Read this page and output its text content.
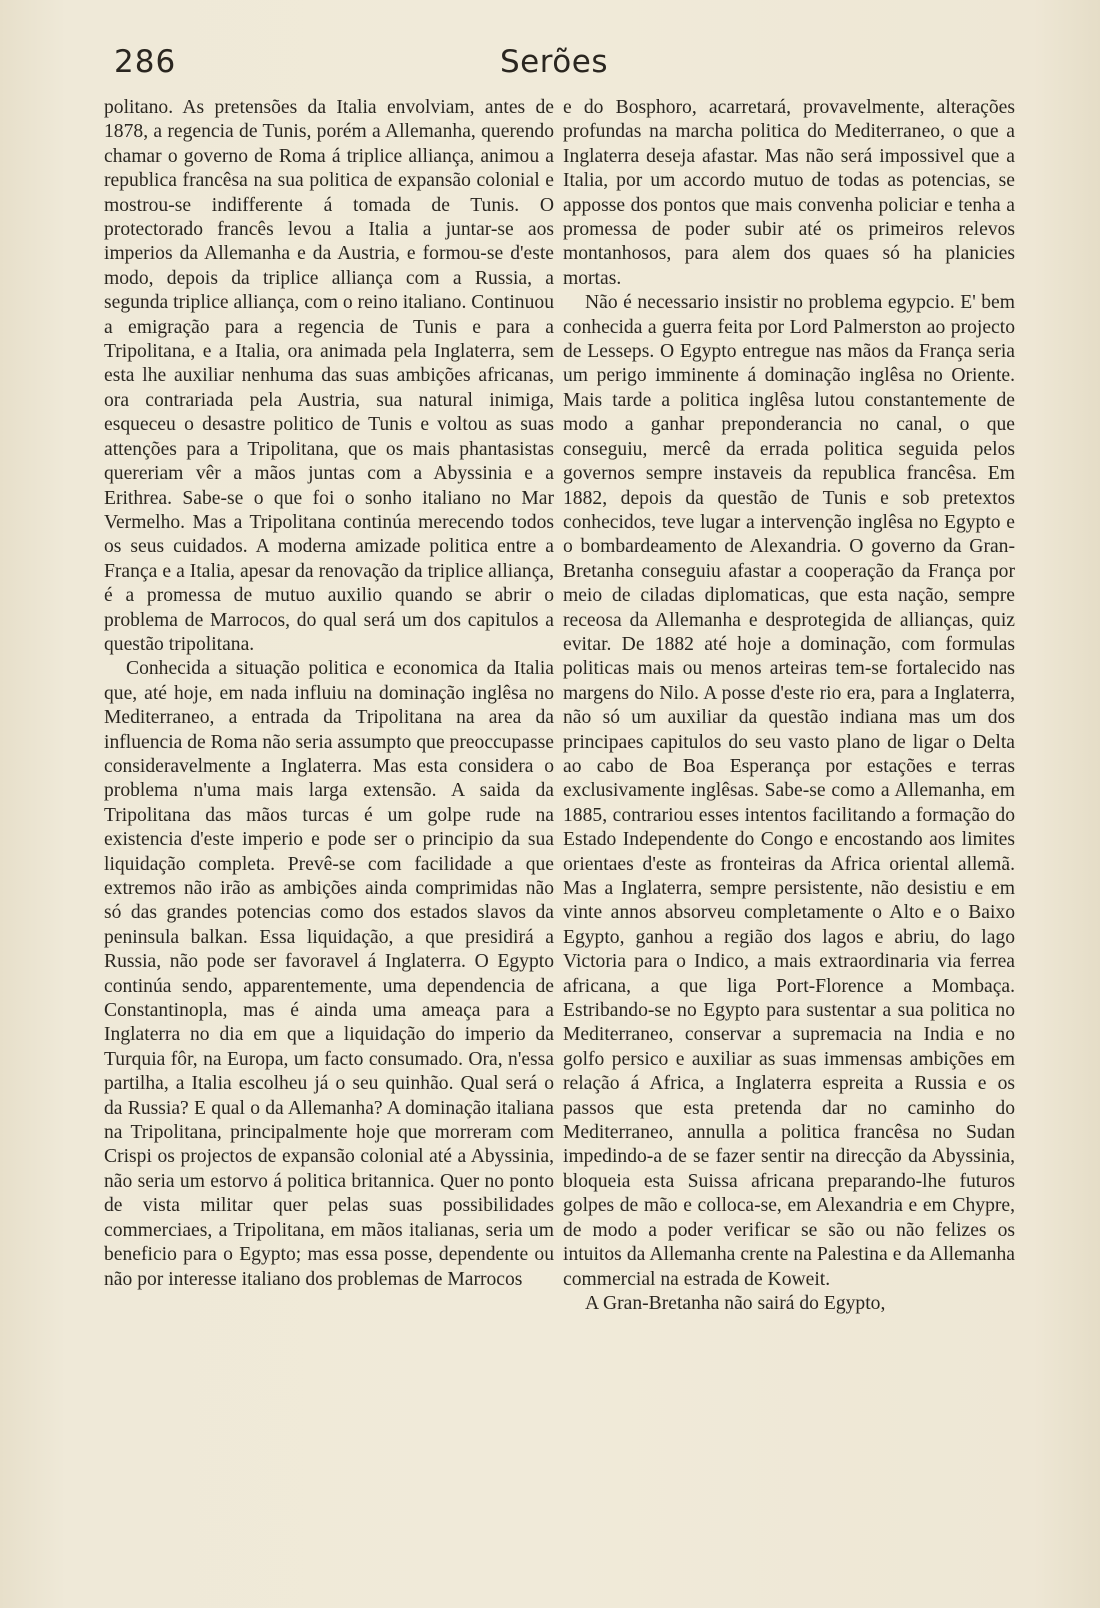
286	Serões

politano. As pretensões da Italia envolviam, antes de 1878, a regencia de Tunis, porém a Allemanha, querendo chamar o governo de Roma á triplice alliança, animou a republica francêsa na sua politica de expansão colonial e mostrou-se indifferente á tomada de Tunis. O protectorado francês levou a Italia a juntar-se aos imperios da Allemanha e da Austria, e formou-se d'este modo, depois da triplice alliança com a Russia, a segunda triplice alliança, com o reino italiano. Continuou a emigração para a regencia de Tunis e para a Tripolitana, e a Italia, ora animada pela Inglaterra, sem esta lhe auxiliar nenhuma das suas ambições africanas, ora contrariada pela Austria, sua natural inimiga, esqueceu o desastre politico de Tunis e voltou as suas attenções para a Tripolitana, que os mais phantasistas quereriam vêr a mãos juntas com a Abyssinia e a Erithrea. Sabe-se o que foi o sonho italiano no Mar Vermelho. Mas a Tripolitana continúa merecendo todos os seus cuidados. A moderna amizade politica entre a França e a Italia, apesar da renovação da triplice alliança, é a promessa de mutuo auxilio quando se abrir o problema de Marrocos, do qual será um dos capitulos a questão tripolitana.

Conhecida a situação politica e economica da Italia que, até hoje, em nada influiu na dominação inglêsa no Mediterraneo, a entrada da Tripolitana na area da influencia de Roma não seria assumpto que preoccupasse consideravelmente a Inglaterra. Mas esta considera o problema n'uma mais larga extensão. A saida da Tripolitana das mãos turcas é um golpe rude na existencia d'este imperio e pode ser o principio da sua liquidação completa. Prevê-se com facilidade a que extremos não irão as ambições ainda comprimidas não só das grandes potencias como dos estados slavos da peninsula balkan. Essa liquidação, a que presidirá a Russia, não pode ser favoravel á Inglaterra. O Egypto continúa sendo, apparentemente, uma dependencia de Constantinopla, mas é ainda uma ameaça para a Inglaterra no dia em que a liquidação do imperio da Turquia fôr, na Europa, um facto consumado. Ora, n'essa partilha, a Italia escolheu já o seu quinhão. Qual será o da Russia? E qual o da Allemanha? A dominação italiana na Tripolitana, principalmente hoje que morreram com Crispi os projectos de expansão colonial até a Abyssinia, não seria um estorvo á politica britannica. Quer no ponto de vista militar quer pelas suas possibilidades commerciaes, a Tripolitana, em mãos italianas, seria um beneficio para o Egypto; mas essa posse, dependente ou não por interesse italiano dos problemas de Marrocos

e do Bosphoro, acarretará, provavelmente, alterações profundas na marcha politica do Mediterraneo, o que a Inglaterra deseja afastar. Mas não será impossivel que a Italia, por um accordo mutuo de todas as potencias, se apposse dos pontos que mais convenha policiar e tenha a promessa de poder subir até os primeiros relevos montanhosos, para alem dos quaes só ha planicies mortas.

Não é necessario insistir no problema egypcio. E' bem conhecida a guerra feita por Lord Palmerston ao projecto de Lesseps. O Egypto entregue nas mãos da França seria um perigo imminente á dominação inglêsa no Oriente. Mais tarde a politica inglêsa lutou constantemente de modo a ganhar preponderancia no canal, o que conseguiu, mercê da errada politica seguida pelos governos sempre instaveis da republica francêsa. Em 1882, depois da questão de Tunis e sob pretextos conhecidos, teve lugar a intervenção inglêsa no Egypto e o bombardeamento de Alexandria. O governo da Gran-Bretanha conseguiu afastar a cooperação da França por meio de ciladas diplomaticas, que esta nação, sempre receosa da Allemanha e desprotegida de allianças, quiz evitar. De 1882 até hoje a dominação, com formulas politicas mais ou menos arteiras tem-se fortalecido nas margens do Nilo. A posse d'este rio era, para a Inglaterra, não só um auxiliar da questão indiana mas um dos principaes capitulos do seu vasto plano de ligar o Delta ao cabo de Boa Esperança por estações e terras exclusivamente inglêsas. Sabe-se como a Allemanha, em 1885, contrariou esses intentos facilitando a formação do Estado Independente do Congo e encostando aos limites orientaes d'este as fronteiras da Africa oriental allemã. Mas a Inglaterra, sempre persistente, não desistiu e em vinte annos absorveu completamente o Alto e o Baixo Egypto, ganhou a região dos lagos e abriu, do lago Victoria para o Indico, a mais extraordinaria via ferrea africana, a que liga Port-Florence a Mombaça. Estribando-se no Egypto para sustentar a sua politica no Mediterraneo, conservar a supremacia na India e no golfo persico e auxiliar as suas immensas ambições em relação á Africa, a Inglaterra espreita a Russia e os passos que esta pretenda dar no caminho do Mediterraneo, annulla a politica francêsa no Sudan impedindo-a de se fazer sentir na direcção da Abyssinia, bloqueia esta Suissa africana preparando-lhe futuros golpes de mão e colloca-se, em Alexandria e em Chypre, de modo a poder verificar se são ou não felizes os intuitos da Allemanha crente na Palestina e da Allemanha commercial na estrada de Koweit.

A Gran-Bretanha não sairá do Egypto,
